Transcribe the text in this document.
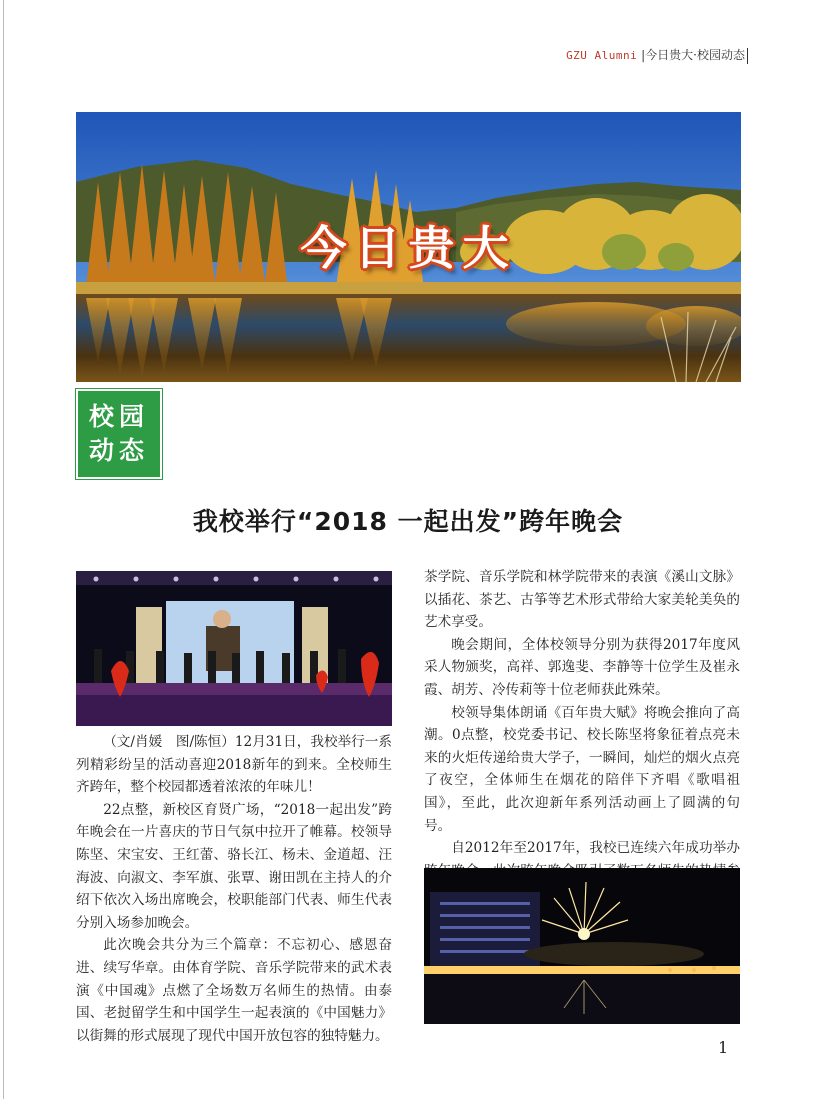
GZU Alumni |今日贵大·校园动态
今日贵大
校园
动态
我校举行“2018 一起出发”跨年晚会

（文/肖媛　图/陈恒）12月31日，我校举行一系列精彩纷呈的活动喜迎2018新年的到来。全校师生齐跨年，整个校园都透着浓浓的年味儿！

22点整，新校区育贤广场，“2018一起出发”跨年晚会在一片喜庆的节日气氛中拉开了帷幕。校领导陈坚、宋宝安、王红蕾、骆长江、杨未、金道超、汪海波、向淑文、李军旗、张覃、谢田凯在主持人的介绍下依次入场出席晚会，校职能部门代表、师生代表分别入场参加晚会。

此次晚会共分为三个篇章：不忘初心、感恩奋进、续写华章。由体育学院、音乐学院带来的武术表演《中国魂》点燃了全场数万名师生的热情。由泰国、老挝留学生和中国学生一起表演的《中国魅力》以街舞的形式展现了现代中国开放包容的独特魅力。

茶学院、音乐学院和林学院带来的表演《溪山文脉》以插花、茶艺、古筝等艺术形式带给大家美轮美奂的艺术享受。

晚会期间，全体校领导分别为获得2017年度风采人物颁奖，高祥、郭逸斐、李静等十位学生及崔永霞、胡芳、冷传莉等十位老师获此殊荣。

校领导集体朗诵《百年贵大赋》将晚会推向了高潮。0点整，校党委书记、校长陈坚将象征着点亮未来的火炬传递给贵大学子，一瞬间，灿烂的烟火点亮了夜空，全体师生在烟花的陪伴下齐唱《歌唱祖国》，至此，此次迎新年系列活动画上了圆满的句号。

自2012年至2017年，我校已连续六年成功举办

1
